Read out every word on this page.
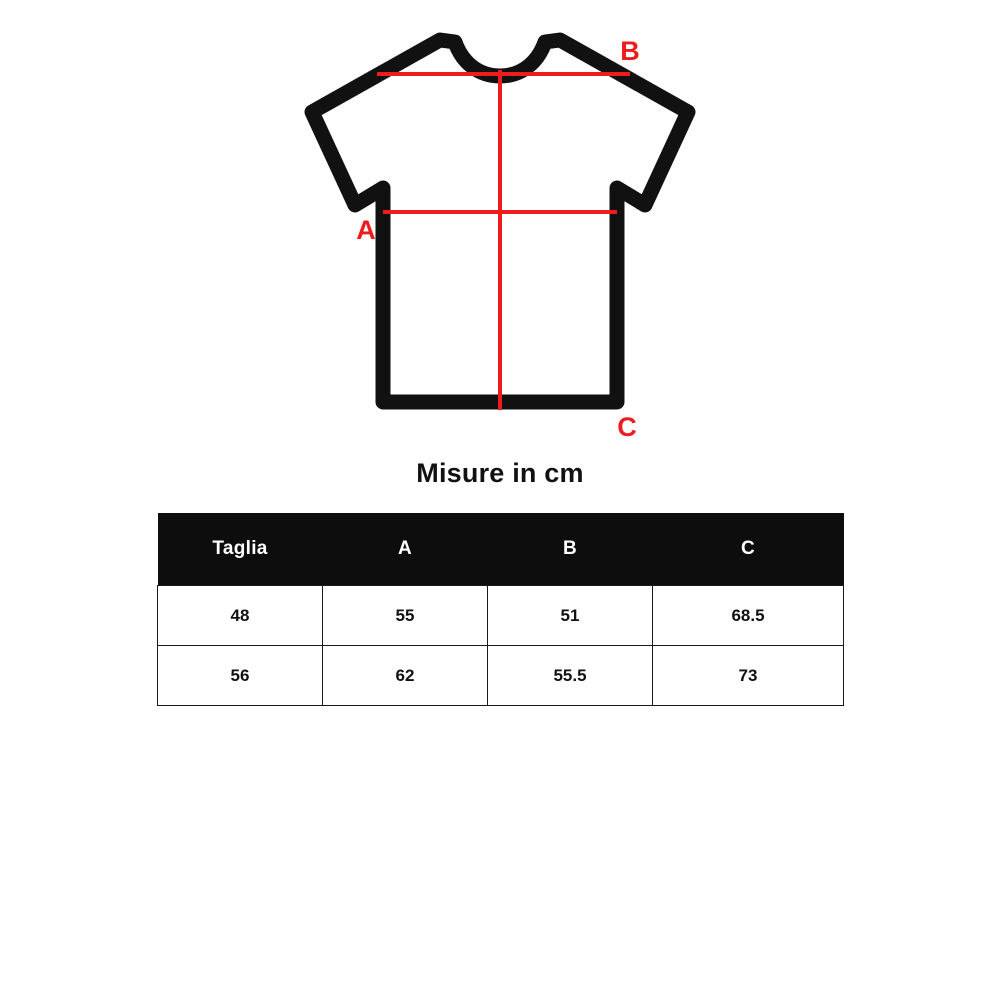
B
A
C
Misure in cm
Taglia	A	B	C
48	55	51	68.5
56	62	55.5	73
